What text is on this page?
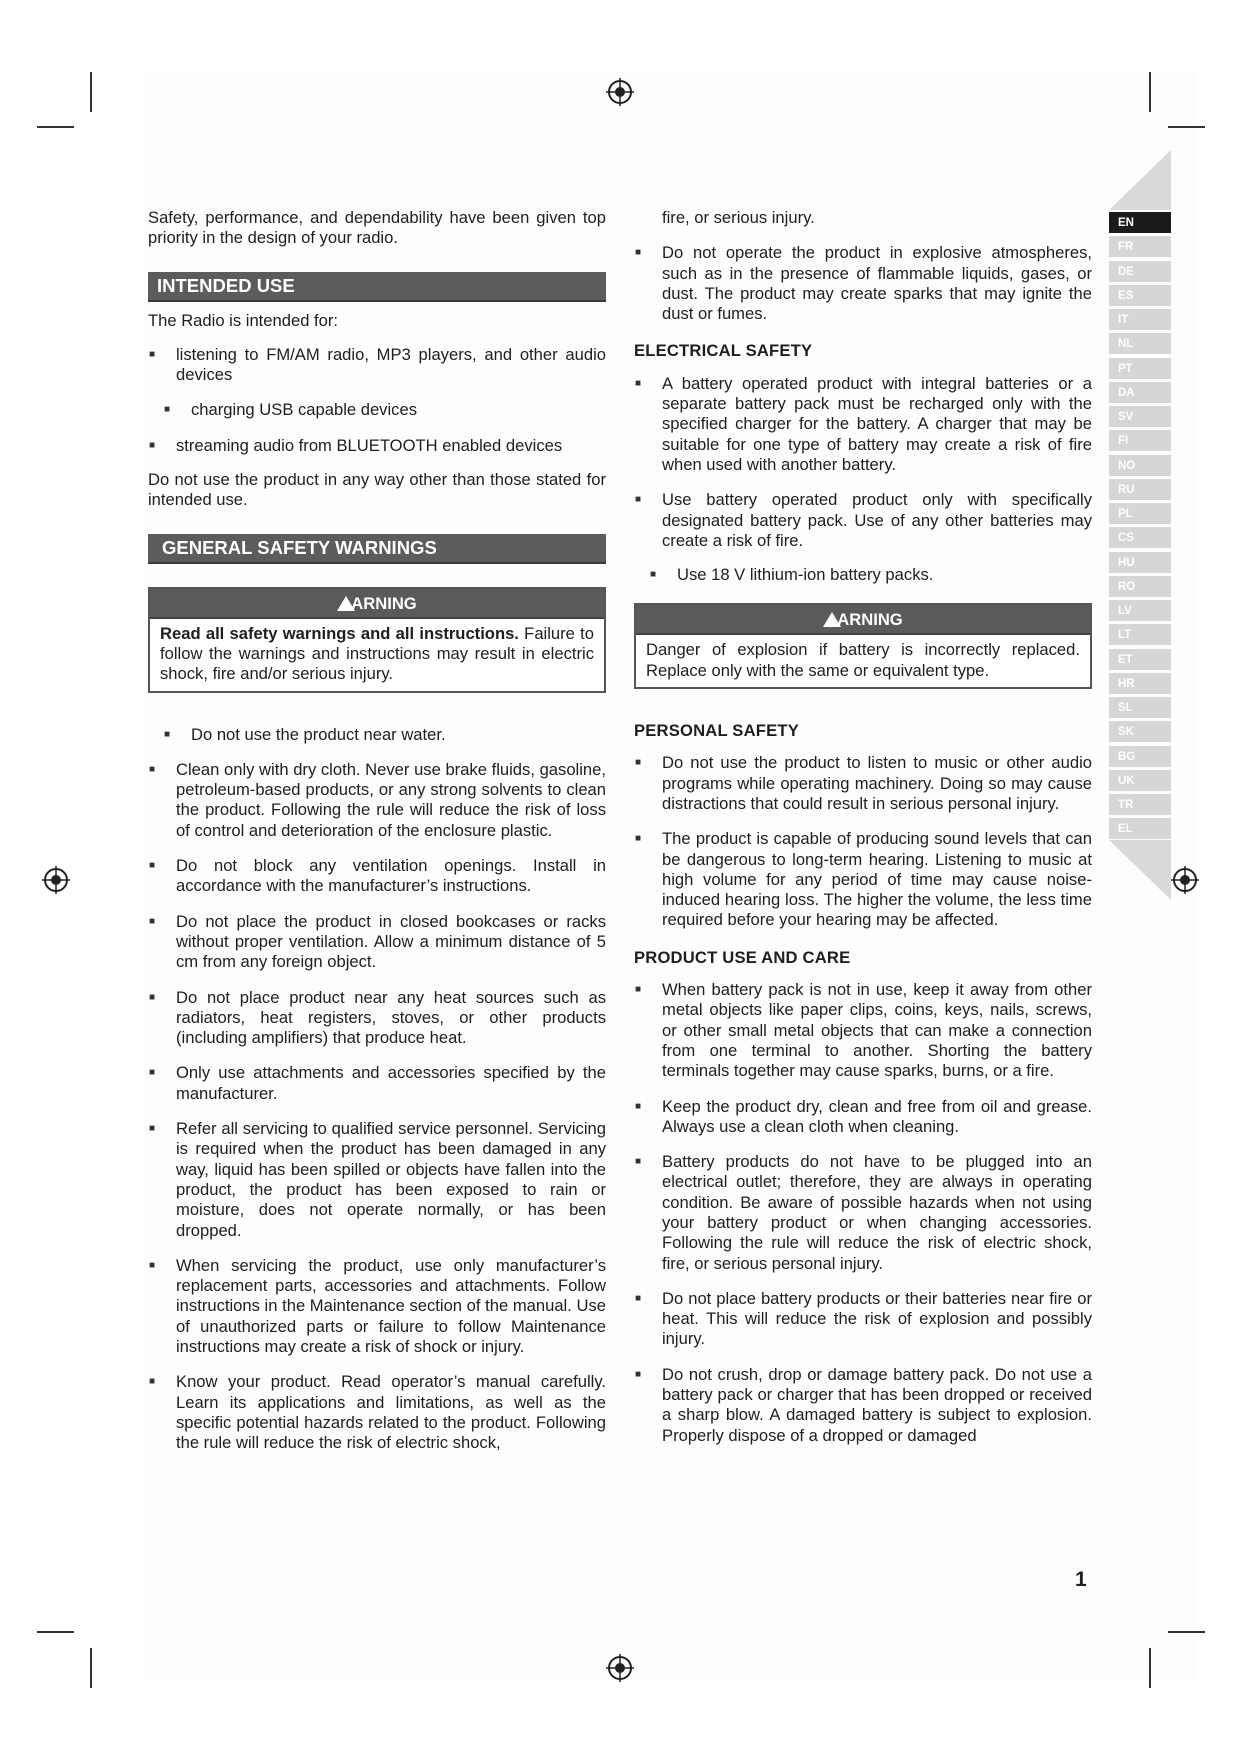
Safety, performance, and dependability have been given top priority in the design of your radio.

INTENDED USE

The Radio is intended for:

■ listening to FM/AM radio, MP3 players, and other audio devices
■ charging USB capable devices
■ streaming audio from BLUETOOTH enabled devices

Do not use the product in any way other than those stated for intended use.

GENERAL SAFETY WARNINGS
ARNING
Read all safety warnings and all instructions. Failure to follow the warnings and instructions may result in electric shock, fire and/or serious injury.
■ Do not use the product near water.
■ Clean only with dry cloth. Never use brake fluids, gasoline, petroleum-based products, or any strong solvents to clean the product. Following the rule will reduce the risk of loss of control and deterioration of the enclosure plastic.
■ Do not block any ventilation openings. Install in accordance with the manufacturer’s instructions.
■ Do not place the product in closed bookcases or racks without proper ventilation. Allow a minimum distance of 5 cm from any foreign object.
■ Do not place product near any heat sources such as radiators, heat registers, stoves, or other products (including amplifiers) that produce heat.
■ Only use attachments and accessories specified by the manufacturer.
■ Refer all servicing to qualified service personnel. Servicing is required when the product has been damaged in any way, liquid has been spilled or objects have fallen into the product, the product has been exposed to rain or moisture, does not operate normally, or has been dropped.
■ When servicing the product, use only manufacturer’s replacement parts, accessories and attachments. Follow instructions in the Maintenance section of the manual. Use of unauthorized parts or failure to follow Maintenance instructions may create a risk of shock or injury.
■ Know your product. Read operator’s manual carefully. Learn its applications and limitations, as well as the specific potential hazards related to the product. Following the rule will reduce the risk of electric shock,

fire, or serious injury.

■ Do not operate the product in explosive atmospheres, such as in the presence of flammable liquids, gases, or dust. The product may create sparks that may ignite the dust or fumes.
ELECTRICAL SAFETY
■ A battery operated product with integral batteries or a separate battery pack must be recharged only with the specified charger for the battery. A charger that may be suitable for one type of battery may create a risk of fire when used with another battery.
■ Use battery operated product only with specifically designated battery pack. Use of any other batteries may create a risk of fire.
■ Use 18 V lithium-ion battery packs.
ARNING
Danger of explosion if battery is incorrectly replaced. Replace only with the same or equivalent type.
PERSONAL SAFETY
■ Do not use the product to listen to music or other audio programs while operating machinery. Doing so may cause distractions that could result in serious personal injury.
■ The product is capable of producing sound levels that can be dangerous to long-term hearing. Listening to music at high volume for any period of time may cause noise-induced hearing loss. The higher the volume, the less time required before your hearing may be affected.
PRODUCT USE AND CARE
■ When battery pack is not in use, keep it away from other metal objects like paper clips, coins, keys, nails, screws, or other small metal objects that can make a connection from one terminal to another. Shorting the battery terminals together may cause sparks, burns, or a fire.
■ Keep the product dry, clean and free from oil and grease. Always use a clean cloth when cleaning.
■ Battery products do not have to be plugged into an electrical outlet; therefore, they are always in operating condition. Be aware of possible hazards when not using your battery product or when changing accessories. Following the rule will reduce the risk of electric shock, fire, or serious personal injury.
■ Do not place battery products or their batteries near fire or heat. This will reduce the risk of explosion and possibly injury.
■ Do not crush, drop or damage battery pack. Do not use a battery pack or charger that has been dropped or received a sharp blow. A damaged battery is subject to explosion. Properly dispose of a dropped or damaged
EN
FR
DE
ES
IT
NL
PT
DA
SV
FI
NO
RU
PL
CS
HU
RO
LV
LT
ET
HR
SL
SK
BG
UK
TR
EL
1
